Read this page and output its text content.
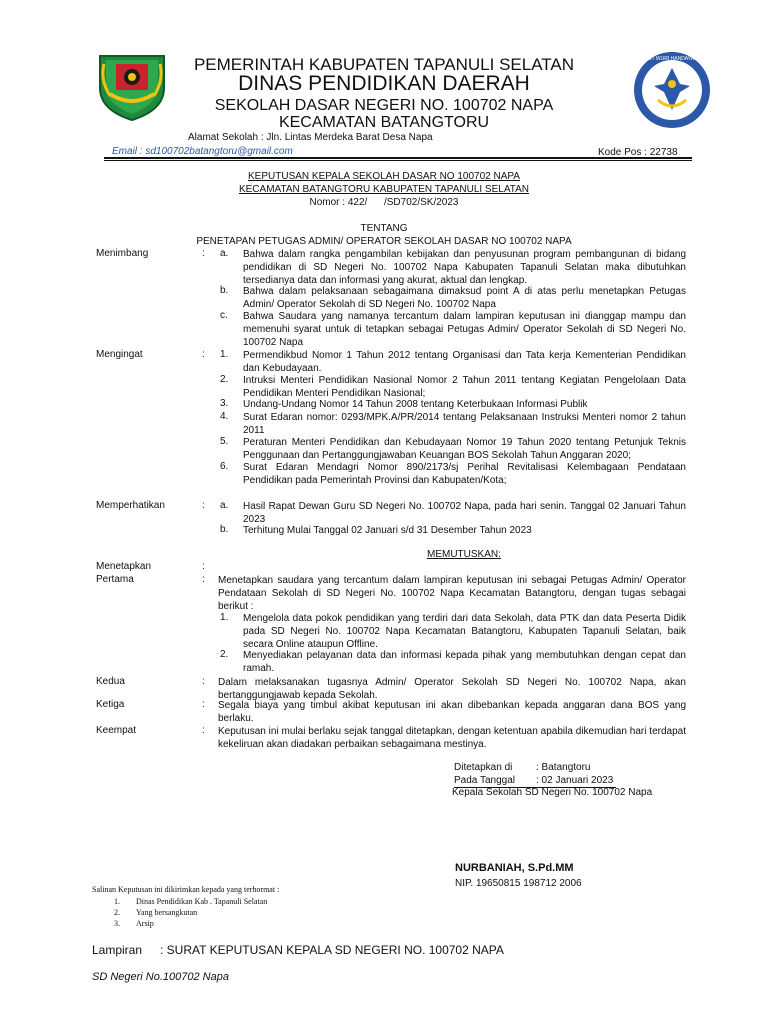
TUT WURI HANDAYANI
PEMERINTAH KABUPATEN TAPANULI SELATAN
DINAS PENDIDIKAN DAERAH
SEKOLAH DASAR NEGERI NO. 100702 NAPA
KECAMATAN BATANGTORU
Alamat Sekolah : Jln. Lintas Merdeka Barat Desa Napa
Email : sd100702batangtoru@gmail.com	Kode Pos : 22738
KEPUTUSAN KEPALA SEKOLAH DASAR NO 100702 NAPA
KECAMATAN BATANGTORU KABUPATEN TAPANULI SELATAN
Nomor : 422/      /SD702/SK/2023
TENTANG
PENETAPAN PETUGAS ADMIN/ OPERATOR SEKOLAH DASAR NO 100702 NAPA
Menimbang	: a. Bahwa dalam rangka pengambilan kebijakan dan penyusunan program pembangunan di bidang pendidikan di SD Negeri No. 100702 Napa Kabupaten Tapanuli Selatan maka dibutuhkan tersedianya data dan informasi yang akurat, aktual dan lengkap.
b. Bahwa dalam pelaksanaan sebagaimana dimaksud point A di atas perlu menetapkan Petugas Admin/ Operator Sekolah di SD Negeri No. 100702 Napa
c. Bahwa Saudara yang namanya tercantum dalam lampiran keputusan ini dianggap mampu dan memenuhi syarat untuk di tetapkan sebagai Petugas Admin/ Operator Sekolah di SD Negeri No. 100702 Napa
Mengingat	: 1. Permendikbud Nomor 1 Tahun 2012 tentang Organisasi dan Tata kerja Kementerian Pendidikan dan Kebudayaan.
2. Intruksi Menteri Pendidikan Nasional Nomor 2 Tahun 2011 tentang Kegiatan Pengelolaan Data Pendidikan Menteri Pendidikan Nasional;
3. Undang-Undang Nomor 14 Tahun 2008 tentang Keterbukaan Informasi Publik
4. Surat Edaran nomor: 0293/MPK.A/PR/2014 tentang Pelaksanaan Instruksi Menteri nomor 2 tahun 2011
5. Peraturan Menteri Pendidikan dan Kebudayaan Nomor 19 Tahun 2020 tentang Petunjuk Teknis Penggunaan dan Pertanggungjawaban Keuangan BOS Sekolah Tahun Anggaran 2020;
6. Surat Edaran Mendagri Nomor 890/2173/sj Perihal Revitalisasi Kelembagaan Pendataan Pendidikan pada Pemerintah Provinsi dan Kabupaten/Kota;
Memperhatikan	: a. Hasil Rapat Dewan Guru SD Negeri No. 100702 Napa, pada hari senin. Tanggal 02 Januari Tahun 2023
b. Terhitung Mulai Tanggal 02 Januari s/d 31 Desember Tahun 2023
MEMUTUSKAN:
Menetapkan	:
Pertama	: Menetapkan saudara yang tercantum dalam lampiran keputusan ini sebagai Petugas Admin/ Operator Pendataan Sekolah di SD Negeri No. 100702 Napa Kecamatan Batangtoru, dengan tugas sebagai berikut :
1. Mengelola data pokok pendidikan yang terdiri dari data Sekolah, data PTK dan data Peserta Didik pada SD Negeri No. 100702 Napa Kecamatan Batangtoru, Kabupaten Tapanuli Selatan, baik secara Online ataupun Offline.
2. Menyediakan pelayanan data dan informasi kepada pihak yang membutuhkan dengan cepat dan ramah.
Kedua	: Dalam melaksanakan tugasnya Admin/ Operator Sekolah SD Negeri No. 100702 Napa, akan bertanggungjawab kepada Sekolah.
Ketiga	: Segala biaya yang timbul akibat keputusan ini akan dibebankan kepada anggaran dana BOS yang berlaku.
Keempat	: Keputusan ini mulai berlaku sejak tanggal ditetapkan, dengan ketentuan apabila dikemudian hari terdapat kekeliruan akan diadakan perbaikan sebagaimana mestinya.
Ditetapkan di : Batangtoru
Pada Tanggal	: 02 Januari 2023
Kepala Sekolah SD Negeri No. 100702 Napa
NURBANIAH, S.Pd.MM
NIP. 19650815 198712 2006
Salinan Keputusan ini dikirimkan kepada yang terhormat :
1. Dinas Pendidikan Kab . Tapanuli Selatan
2. Yang bersangkutan
3. Arsip
Lampiran : SURAT KEPUTUSAN KEPALA SD NEGERI NO. 100702 NAPA
SD Negeri No.100702 Napa
